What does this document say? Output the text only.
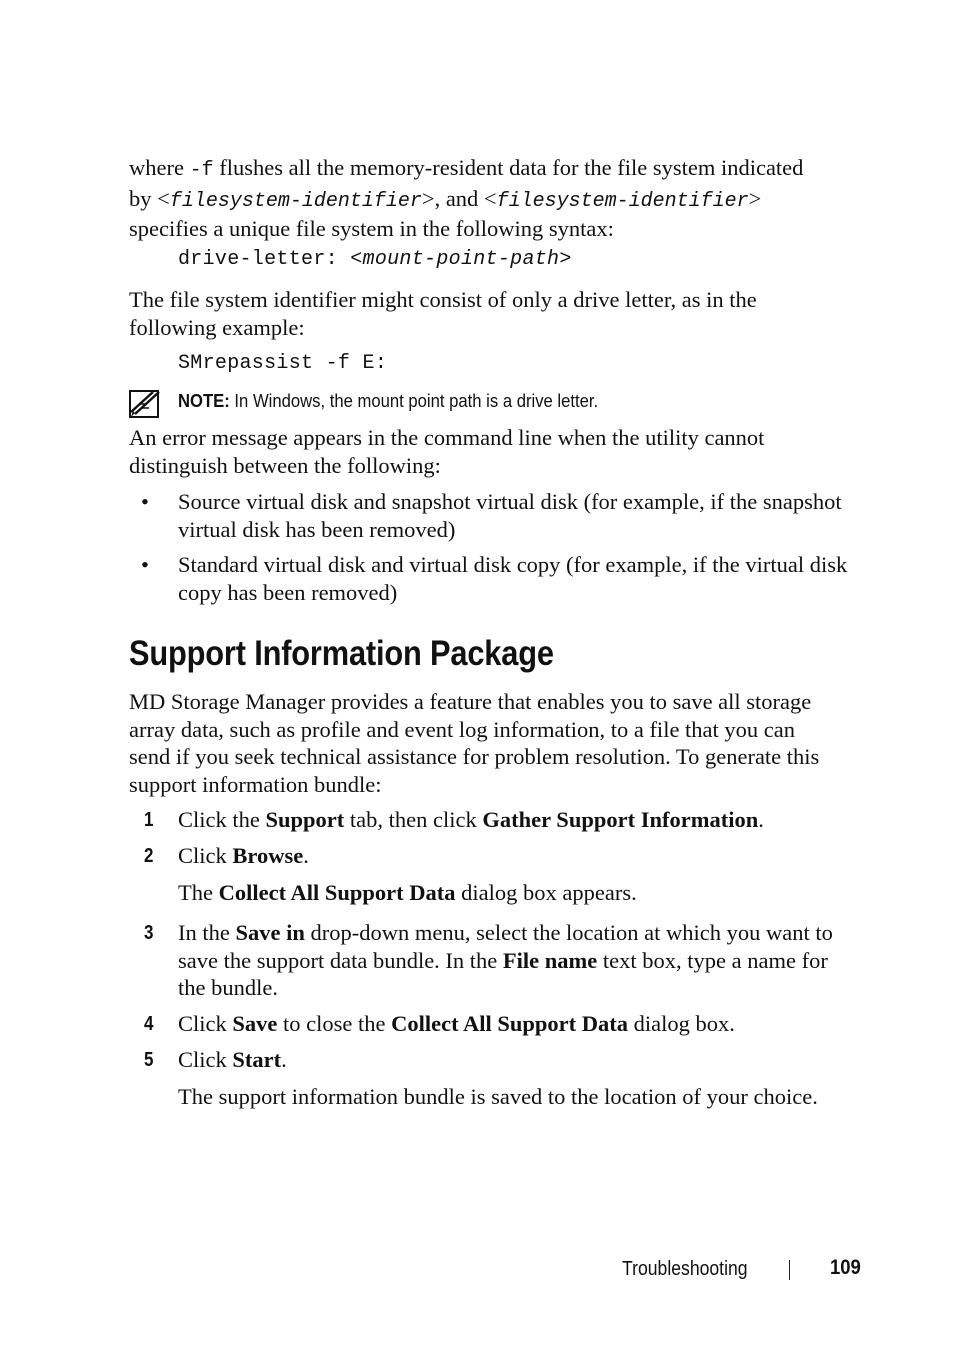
where -f flushes all the memory-resident data for the file system indicated

by <filesystem-identifier>, and <filesystem-identifier>

specifies a unique file system in the following syntax:

drive-letter: <mount-point-path>

The file system identifier might consist of only a drive letter, as in the

following example:

SMrepassist -f E:
NOTE: In Windows, the mount point path is a drive letter.

An error message appears in the command line when the utility cannot

distinguish between the following:

• Source virtual disk and snapshot virtual disk (for example, if the snapshot

virtual disk has been removed)

• Standard virtual disk and virtual disk copy (for example, if the virtual disk

copy has been removed)

Support Information Package

MD Storage Manager provides a feature that enables you to save all storage

array data, such as profile and event log information, to a file that you can

send if you seek technical assistance for problem resolution. To generate this

support information bundle:

1 Click the Support tab, then click Gather Support Information.
2 Click Browse.
The Collect All Support Data dialog box appears.
3 In the Save in drop-down menu, select the location at which you want to

save the support data bundle. In the File name text box, type a name for

the bundle.

4 Click Save to close the Collect All Support Data dialog box.
5 Click Start.
The support information bundle is saved to the location of your choice.
Troubleshooting	109
